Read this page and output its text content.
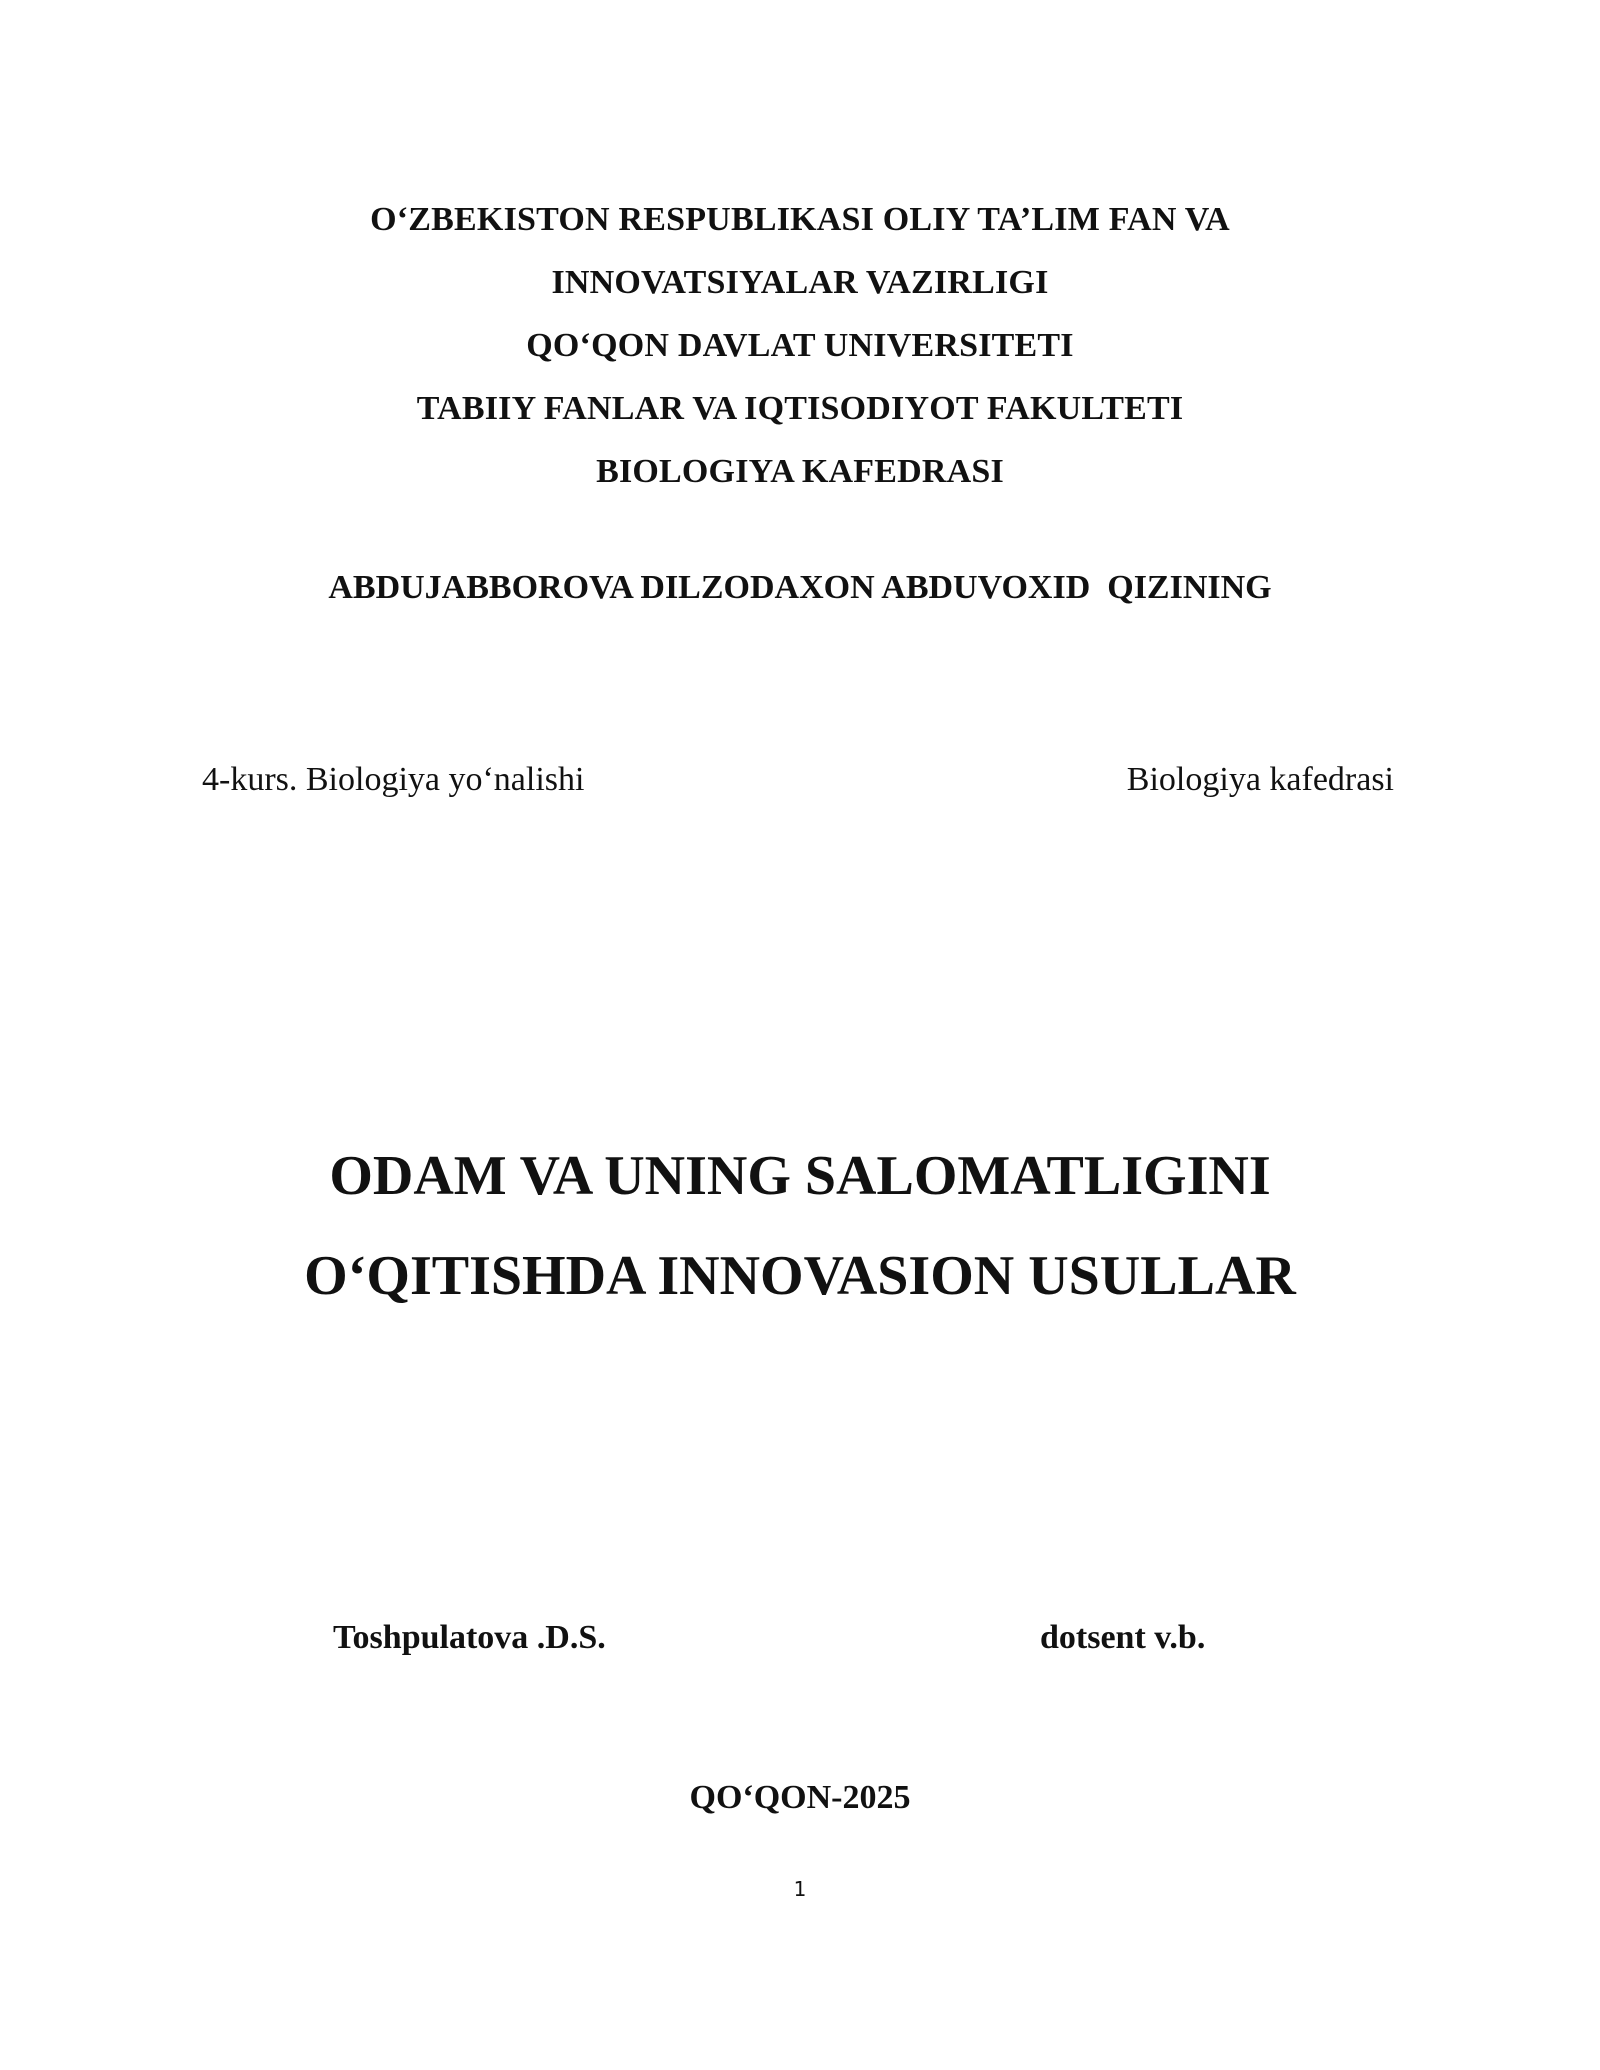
O‘ZBEKISTON RESPUBLIKASI OLIY TA’LIM FAN VA
INNOVATSIYALAR VAZIRLIGI
QO‘QON DAVLAT UNIVERSITETI
TABIIY FANLAR VA IQTISODIYOT FAKULTETI
BIOLOGIYA KAFEDRASI
ABDUJABBOROVA DILZODAXON ABDUVOXID  QIZINING
4-kurs. Biologiya yo‘nalishi	Biologiya kafedrasi
ODAM VA UNING SALOMATLIGINI
O‘QITISHDA INNOVASION USULLAR
Toshpulatova .D.S.	dotsent v.b.
QO‘QON-2025
1
